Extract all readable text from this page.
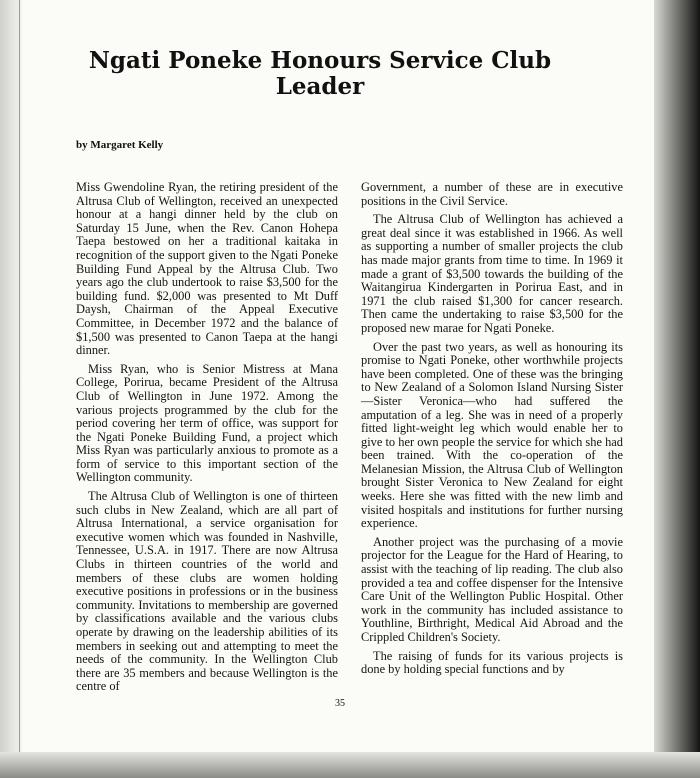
Ngati Poneke Honours Service Club Leader

by Margaret Kelly

Miss Gwendoline Ryan, the retiring president of the Altrusa Club of Wellington, received an unexpected honour at a hangi dinner held by the club on Saturday 15 June, when the Rev. Canon Hohepa Taepa bestowed on her a traditional kaitaka in recognition of the support given to the Ngati Poneke Building Fund Appeal by the Altrusa Club. Two years ago the club undertook to raise $3,500 for the building fund. $2,000 was presented to Mt Duff Daysh, Chairman of the Appeal Executive Committee, in December 1972 and the balance of $1,500 was presented to Canon Taepa at the hangi dinner.

Miss Ryan, who is Senior Mistress at Mana College, Porirua, became President of the Altrusa Club of Wellington in June 1972. Among the various projects programmed by the club for the period covering her term of office, was support for the Ngati Poneke Building Fund, a project which Miss Ryan was particularly anxious to promote as a form of service to this important section of the Wellington community.

The Altrusa Club of Wellington is one of thirteen such clubs in New Zealand, which are all part of Altrusa International, a service organisation for executive women which was founded in Nashville, Tennessee, U.S.A. in 1917. There are now Altrusa Clubs in thirteen countries of the world and members of these clubs are women holding executive positions in professions or in the business community. Invitations to membership are governed by classifications available and the various clubs operate by drawing on the leadership abilities of its members in seeking out and attempting to meet the needs of the community. In the Wellington Club there are 35 members and because Wellington is the centre of

Government, a number of these are in executive positions in the Civil Service.

The Altrusa Club of Wellington has achieved a great deal since it was established in 1966. As well as supporting a number of smaller projects the club has made major grants from time to time. In 1969 it made a grant of $3,500 towards the building of the Waitangirua Kindergarten in Porirua East, and in 1971 the club raised $1,300 for cancer research. Then came the undertaking to raise $3,500 for the proposed new marae for Ngati Poneke.

Over the past two years, as well as honouring its promise to Ngati Poneke, other worthwhile projects have been completed. One of these was the bringing to New Zealand of a Solomon Island Nursing Sister—Sister Veronica—who had suffered the amputation of a leg. She was in need of a properly fitted light-weight leg which would enable her to give to her own people the service for which she had been trained. With the co-operation of the Melanesian Mission, the Altrusa Club of Wellington brought Sister Veronica to New Zealand for eight weeks. Here she was fitted with the new limb and visited hospitals and institutions for further nursing experience.

Another project was the purchasing of a movie projector for the League for the Hard of Hearing, to assist with the teaching of lip reading. The club also provided a tea and coffee dispenser for the Intensive Care Unit of the Wellington Public Hospital. Other work in the community has included assistance to Youthline, Birthright, Medical Aid Abroad and the Crippled Children's Society.

The raising of funds for its various projects is done by holding special functions and by

35
